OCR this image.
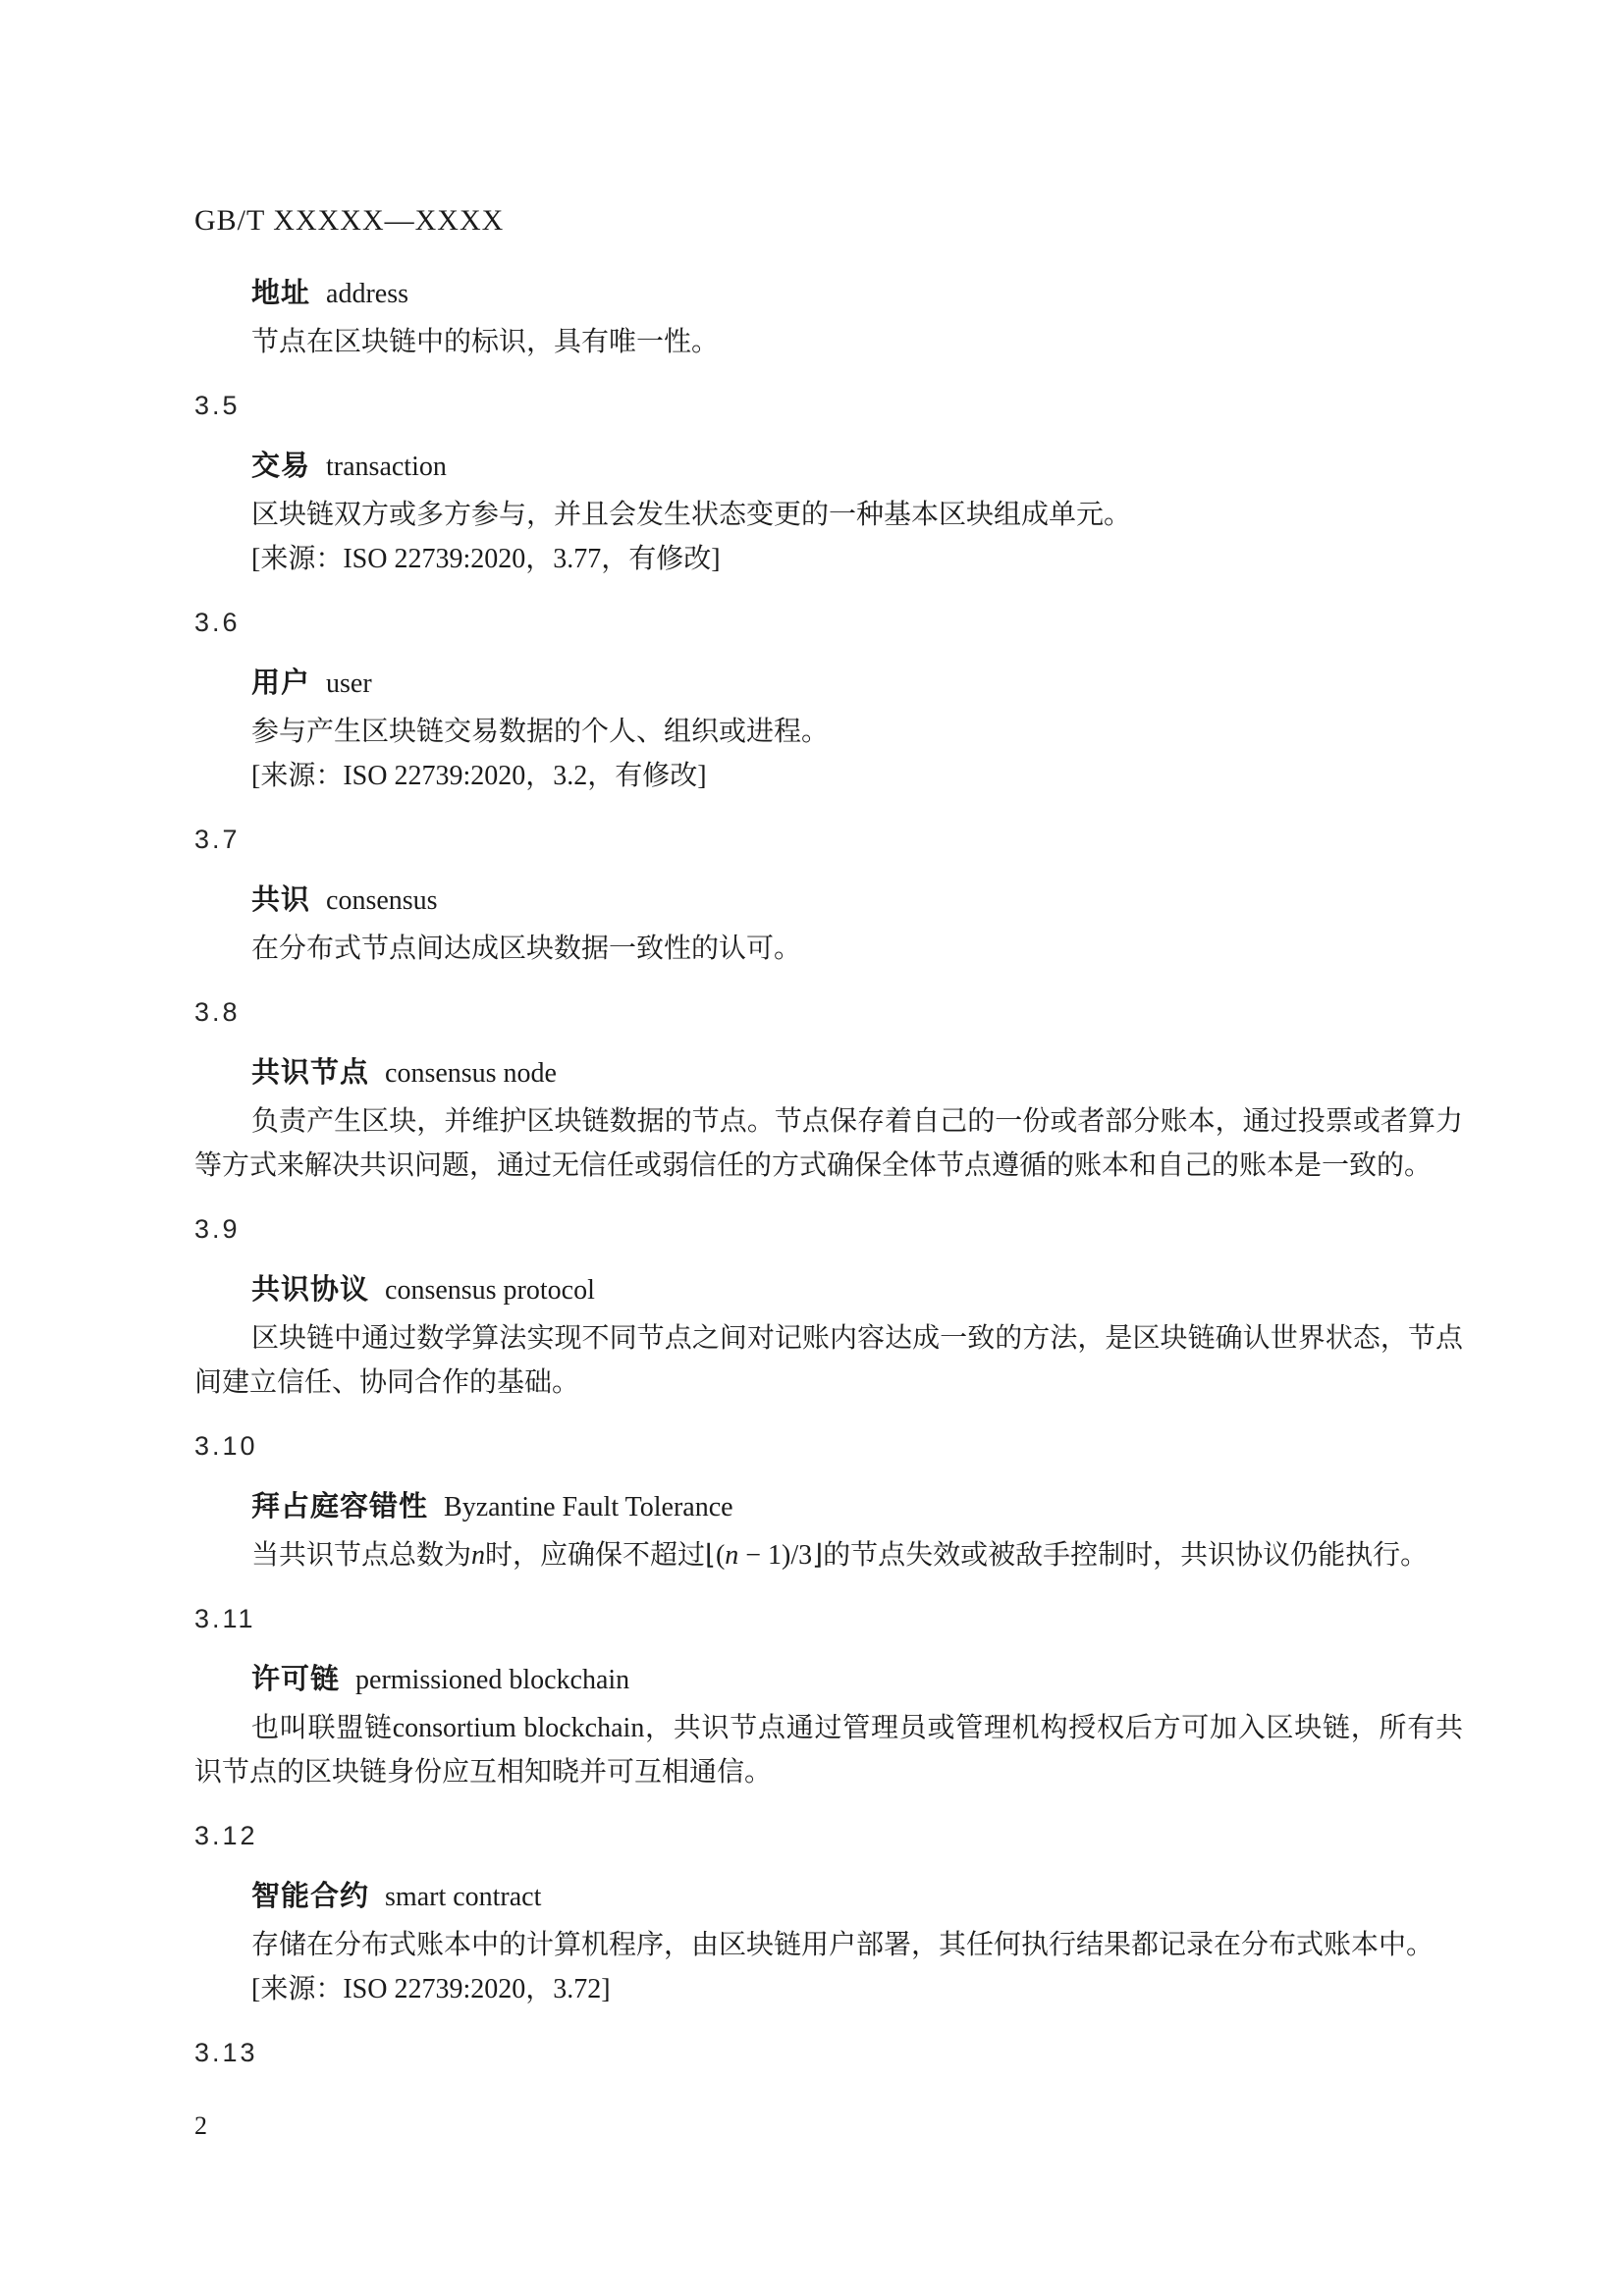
GB/T XXXXX—XXXX
地址 address

节点在区块链中的标识，具有唯一性。

3.5
交易 transaction

区块链双方或多方参与，并且会发生状态变更的一种基本区块组成单元。

[来源：ISO 22739:2020，3.77，有修改]

3.6
用户 user

参与产生区块链交易数据的个人、组织或进程。

[来源：ISO 22739:2020，3.2，有修改]

3.7
共识 consensus

在分布式节点间达成区块数据一致性的认可。

3.8
共识节点 consensus node

负责产生区块，并维护区块链数据的节点。节点保存着自己的一份或者部分账本，通过投票或者算力等方式来解决共识问题，通过无信任或弱信任的方式确保全体节点遵循的账本和自己的账本是一致的。

3.9
共识协议 consensus protocol

区块链中通过数学算法实现不同节点之间对记账内容达成一致的方法，是区块链确认世界状态，节点间建立信任、协同合作的基础。

3.10
拜占庭容错性 Byzantine Fault Tolerance

当共识节点总数为n时，应确保不超过⌊(n − 1)/3⌋的节点失效或被敌手控制时，共识协议仍能执行。

3.11
许可链 permissioned blockchain

也叫联盟链consortium blockchain，共识节点通过管理员或管理机构授权后方可加入区块链，所有共识节点的区块链身份应互相知晓并可互相通信。

3.12
智能合约 smart contract

存储在分布式账本中的计算机程序，由区块链用户部署，其任何执行结果都记录在分布式账本中。

[来源：ISO 22739:2020，3.72]

3.13
2
